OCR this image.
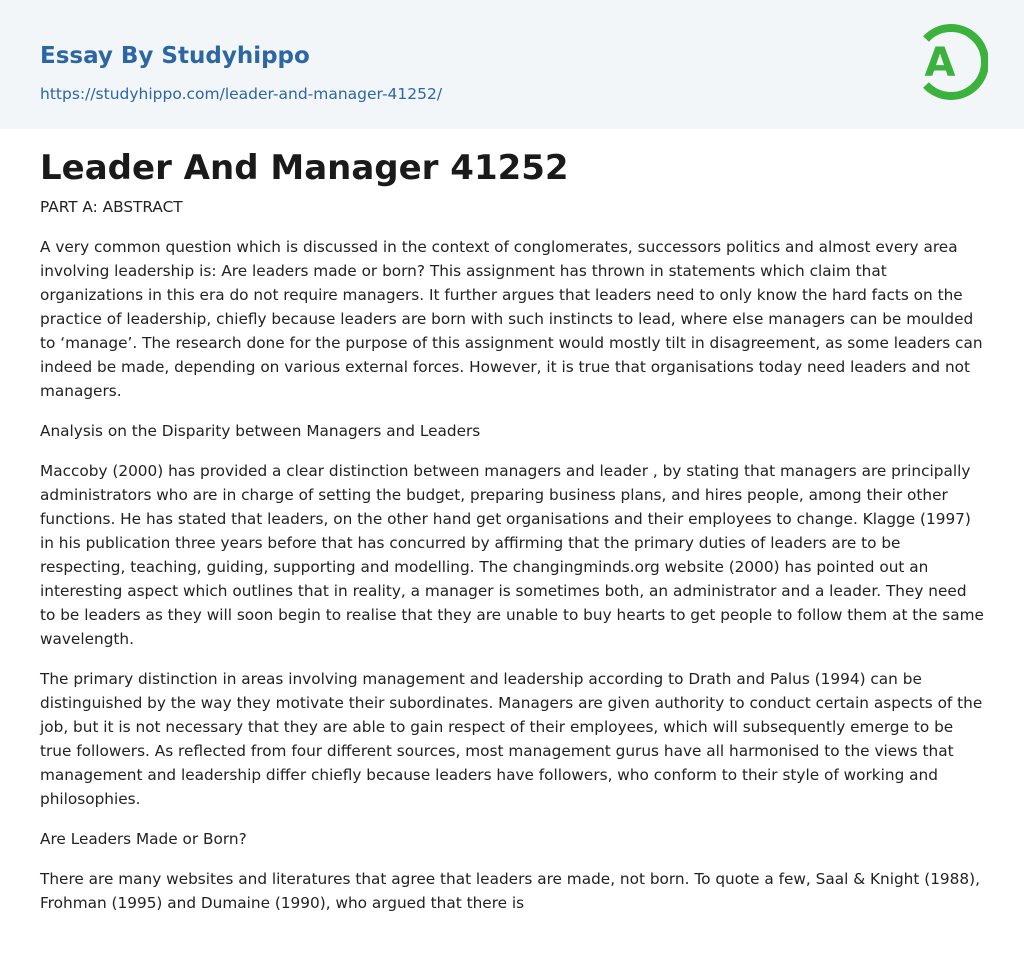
Essay By Studyhippo
https://studyhippo.com/leader-and-manager-41252/
A
Leader And Manager 41252

PART A: ABSTRACT

A very common question which is discussed in the context of conglomerates, successors politics and almost every area involving leadership is: Are leaders made or born? This assignment has thrown in statements which claim that organizations in this era do not require managers. It further argues that leaders need to only know the hard facts on the practice of leadership, chiefly because leaders are born with such instincts to lead, where else managers can be moulded to ‘manage’. The research done for the purpose of this assignment would mostly tilt in disagreement, as some leaders can indeed be made, depending on various external forces. However, it is true that organisations today need leaders and not managers.

Analysis on the Disparity between Managers and Leaders

Maccoby (2000) has provided a clear distinction between managers and leader , by stating that managers are principally administrators who are in charge of setting the budget, preparing business plans, and hires people, among their other functions. He has stated that leaders, on the other hand get organisations and their employees to change. Klagge (1997) in his publication three years before that has concurred by affirming that the primary duties of leaders are to be respecting, teaching, guiding, supporting and modelling. The changingminds.org website (2000) has pointed out an interesting aspect which outlines that in reality, a manager is sometimes both, an administrator and a leader. They need to be leaders as they will soon begin to realise that they are unable to buy hearts to get people to follow them at the same wavelength.

The primary distinction in areas involving management and leadership according to Drath and Palus (1994) can be distinguished by the way they motivate their subordinates. Managers are given authority to conduct certain aspects of the job, but it is not necessary that they are able to gain respect of their employees, which will subsequently emerge to be true followers. As reflected from four different sources, most management gurus have all harmonised to the views that management and leadership differ chiefly because leaders have followers, who conform to their style of working and philosophies.

Are Leaders Made or Born?

There are many websites and literatures that agree that leaders are made, not born. To quote a few, Saal & Knight (1988), Frohman (1995) and Dumaine (1990), who argued that there is
